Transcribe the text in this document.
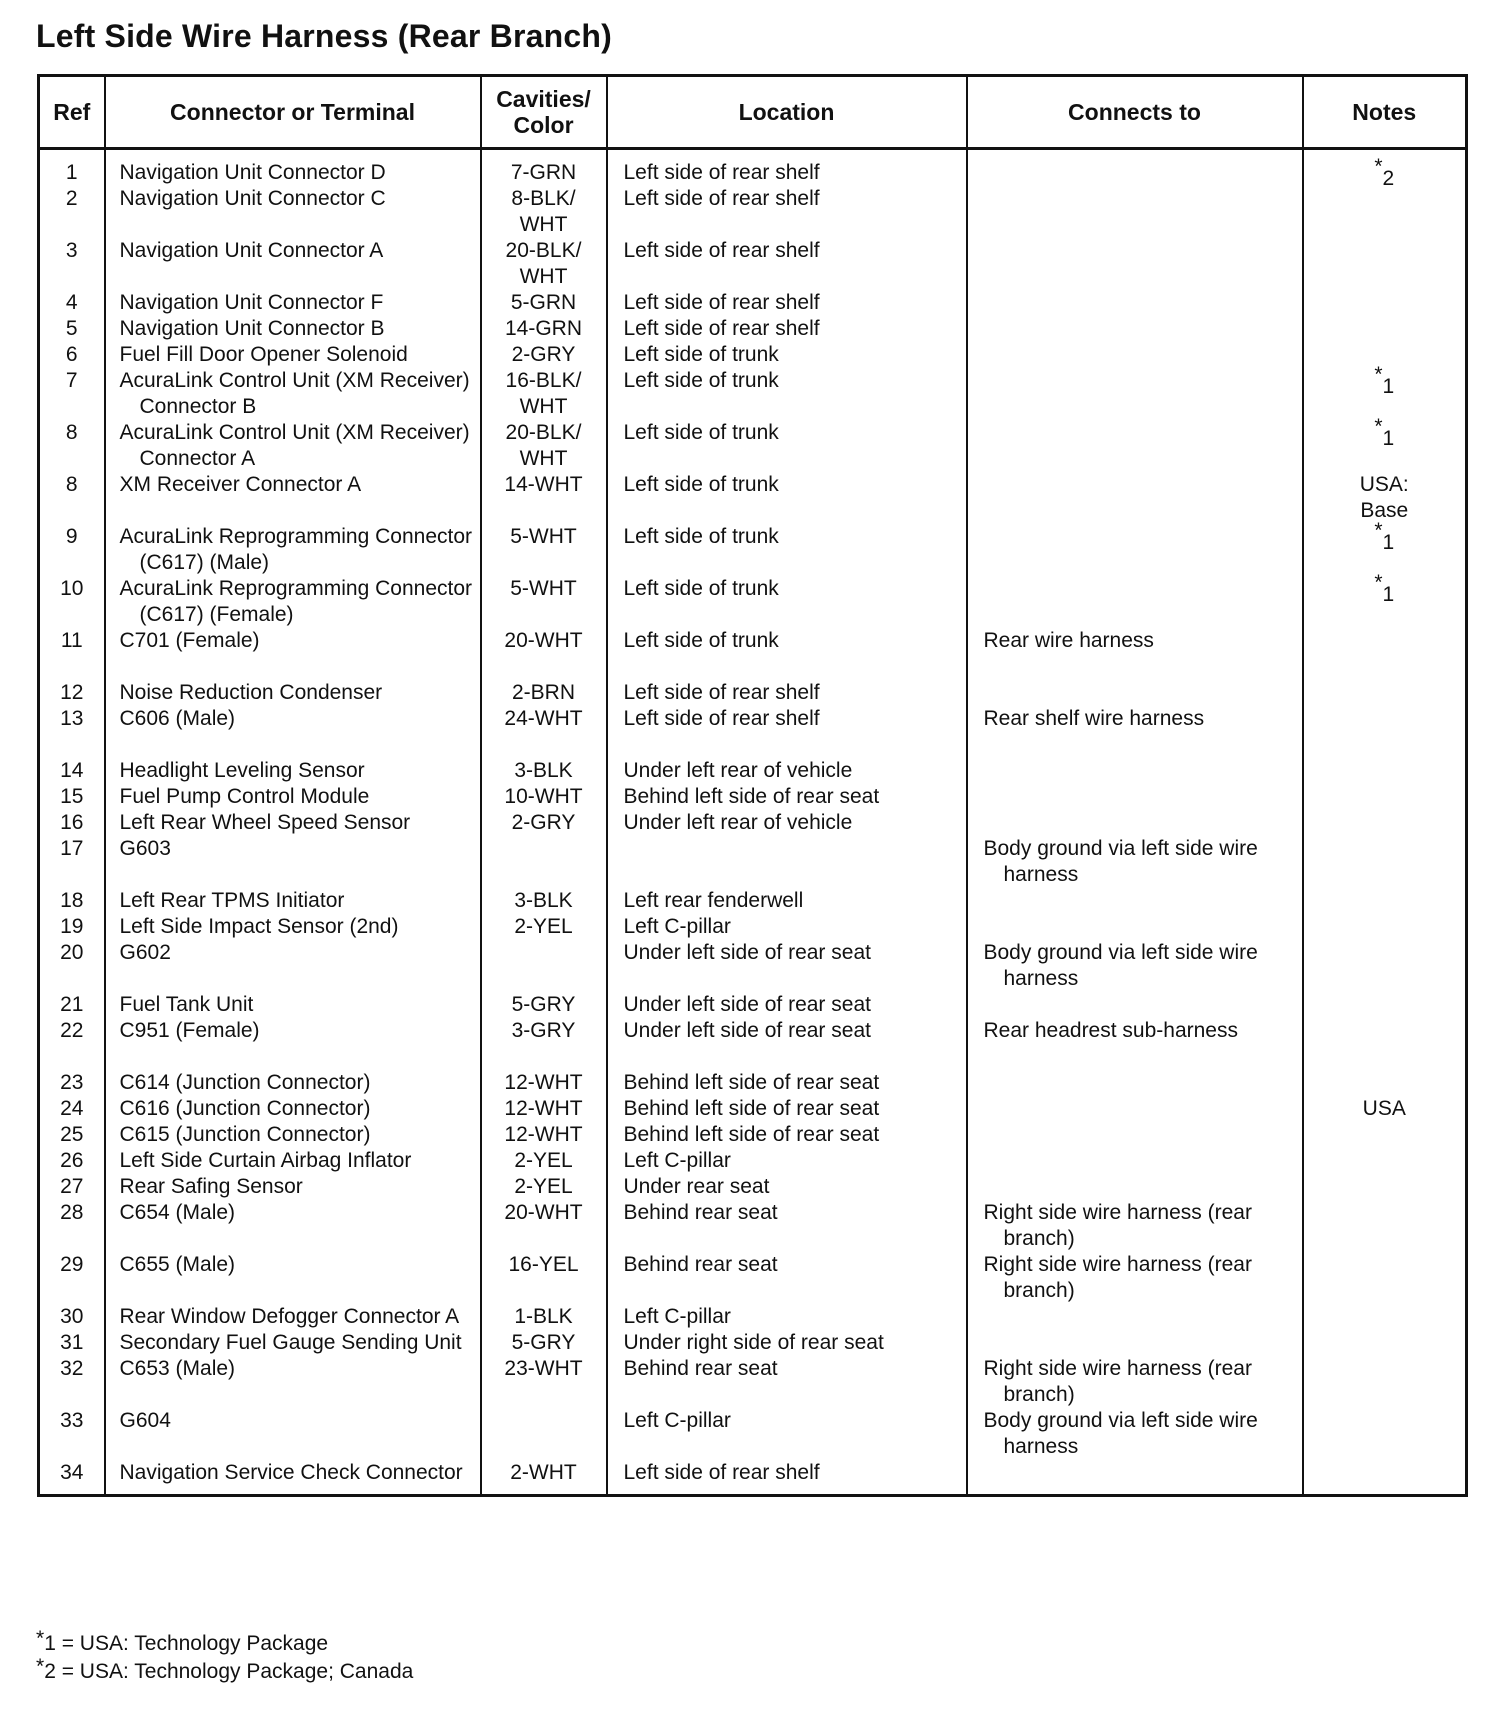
Left Side Wire Harness (Rear Branch)
Ref	Connector or Terminal	Cavities/
Color	Location	Connects to	Notes

1	Navigation Unit Connector D	7-GRN	Left side of rear shelf		*2

2	Navigation Unit Connector C	8-BLK/
WHT	Left side of rear shelf		

3	Navigation Unit Connector A	20-BLK/
WHT	Left side of rear shelf		

4	Navigation Unit Connector F	5-GRN	Left side of rear shelf		

5	Navigation Unit Connector B	14-GRN	Left side of rear shelf		

6	Fuel Fill Door Opener Solenoid	2-GRY	Left side of trunk		

7	AcuraLink Control Unit (XM Receiver)
Connector B	16-BLK/
WHT	Left side of trunk		*1

8	AcuraLink Control Unit (XM Receiver)
Connector A	20-BLK/
WHT	Left side of trunk		*1

8	XM Receiver Connector A	14-WHT	Left side of trunk		USA:
Base

9	AcuraLink Reprogramming Connector
(C617) (Male)	5-WHT	Left side of trunk		*1

10	AcuraLink Reprogramming Connector
(C617) (Female)	5-WHT	Left side of trunk		*1

11	C701 (Female)	20-WHT	Left side of trunk	Rear wire harness	

12	Noise Reduction Condenser	2-BRN	Left side of rear shelf		

13	C606 (Male)	24-WHT	Left side of rear shelf	Rear shelf wire harness	

14	Headlight Leveling Sensor	3-BLK	Under left rear of vehicle		

15	Fuel Pump Control Module	10-WHT	Behind left side of rear seat		

16	Left Rear Wheel Speed Sensor	2-GRY	Under left rear of vehicle		

17	G603			Body ground via left side wire
harness	

18	Left Rear TPMS Initiator	3-BLK	Left rear fenderwell		

19	Left Side Impact Sensor (2nd)	2-YEL	Left C-pillar		

20	G602		Under left side of rear seat	Body ground via left side wire
harness	

21	Fuel Tank Unit	5-GRY	Under left side of rear seat		

22	C951 (Female)	3-GRY	Under left side of rear seat	Rear headrest sub-harness	

23	C614 (Junction Connector)	12-WHT	Behind left side of rear seat		

24	C616 (Junction Connector)	12-WHT	Behind left side of rear seat		USA

25	C615 (Junction Connector)	12-WHT	Behind left side of rear seat		

26	Left Side Curtain Airbag Inflator	2-YEL	Left C-pillar		

27	Rear Safing Sensor	2-YEL	Under rear seat		

28	C654 (Male)	20-WHT	Behind rear seat	Right side wire harness (rear
branch)	

29	C655 (Male)	16-YEL	Behind rear seat	Right side wire harness (rear
branch)	

30	Rear Window Defogger Connector A	1-BLK	Left C-pillar		

31	Secondary Fuel Gauge Sending Unit	5-GRY	Under right side of rear seat		

32	C653 (Male)	23-WHT	Behind rear seat	Right side wire harness (rear
branch)	

33	G604		Left C-pillar	Body ground via left side wire
harness	

34	Navigation Service Check Connector	2-WHT	Left side of rear shelf		

*1 = USA: Technology Package
*2 = USA: Technology Package; Canada
